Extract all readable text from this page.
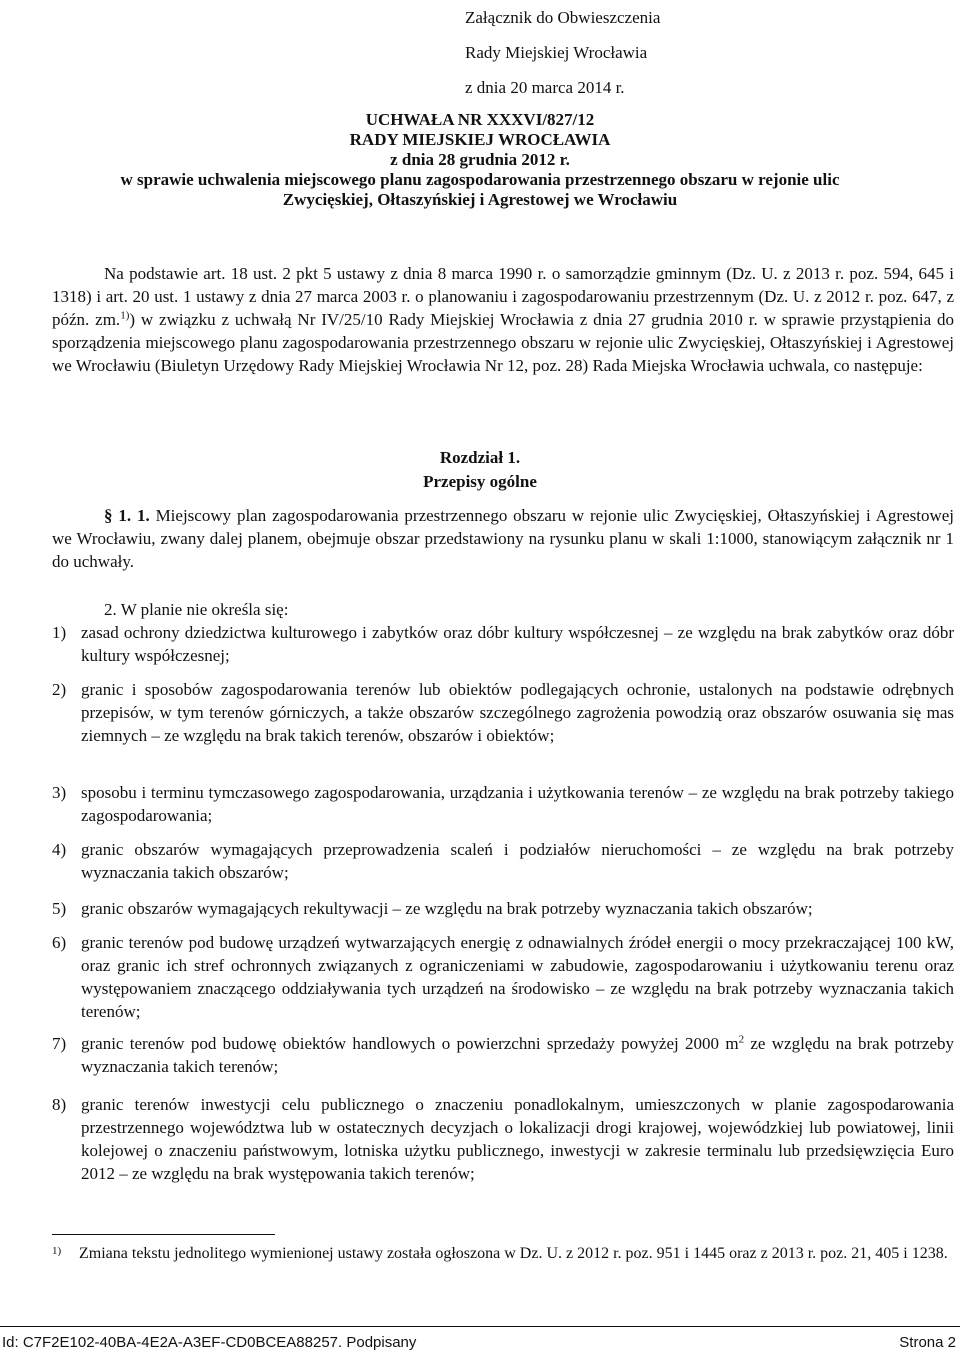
Załącznik do Obwieszczenia
Rady Miejskiej Wrocławia
z dnia 20 marca 2014 r.
UCHWAŁA NR XXXVI/827/12
RADY MIEJSKIEJ WROCŁAWIA
z dnia 28 grudnia 2012 r.
w sprawie uchwalenia miejscowego planu zagospodarowania przestrzennego obszaru w rejonie ulic
Zwycięskiej, Ołtaszyńskiej i Agrestowej we Wrocławiu

Na podstawie art. 18 ust. 2 pkt 5 ustawy z dnia 8 marca 1990 r. o samorządzie gminnym (Dz. U. z 2013 r. poz. 594, 645 i 1318) i art. 20 ust. 1 ustawy z dnia 27 marca 2003 r. o planowaniu i zagospodarowaniu przestrzennym (Dz. U. z 2012 r. poz. 647, z późn. zm.$^{1)}$) w związku z uchwałą Nr IV/25/10 Rady Miejskiej Wrocławia z dnia 27 grudnia 2010 r. w sprawie przystąpienia do sporządzenia miejscowego planu zagospodarowania przestrzennego obszaru w rejonie ulic Zwycięskiej, Ołtaszyńskiej i Agrestowej we Wrocławiu (Biuletyn Urzędowy Rady Miejskiej Wrocławia Nr 12, poz. 28) Rada Miejska Wrocławia uchwala, co następuje:

Rozdział 1.
Przepisy ogólne

§ 1. 1. Miejscowy plan zagospodarowania przestrzennego obszaru w rejonie ulic Zwycięskiej, Ołtaszyńskiej i Agrestowej we Wrocławiu, zwany dalej planem, obejmuje obszar przedstawiony na rysunku planu w skali 1:1000, stanowiącym załącznik nr 1 do uchwały.

2. W planie nie określa się:

1) zasad ochrony dziedzictwa kulturowego i zabytków oraz dóbr kultury współczesnej – ze względu na brak zabytków oraz dóbr kultury współczesnej;
2) granic i sposobów zagospodarowania terenów lub obiektów podlegających ochronie, ustalonych na podstawie odrębnych przepisów, w tym terenów górniczych, a także obszarów szczególnego zagrożenia powodzią oraz obszarów osuwania się mas ziemnych – ze względu na brak takich terenów, obszarów i obiektów;
3) sposobu i terminu tymczasowego zagospodarowania, urządzania i użytkowania terenów – ze względu na brak potrzeby takiego zagospodarowania;
4) granic obszarów wymagających przeprowadzenia scaleń i podziałów nieruchomości – ze względu na brak potrzeby wyznaczania takich obszarów;
5) granic obszarów wymagających rekultywacji – ze względu na brak potrzeby wyznaczania takich obszarów;
6) granic terenów pod budowę urządzeń wytwarzających energię z odnawialnych źródeł energii o mocy przekraczającej 100 kW, oraz granic ich stref ochronnych związanych z ograniczeniami w zabudowie, zagospodarowaniu i użytkowaniu terenu oraz występowaniem znaczącego oddziaływania tych urządzeń na środowisko – ze względu na brak potrzeby wyznaczania takich terenów;
7) granic terenów pod budowę obiektów handlowych o powierzchni sprzedaży powyżej 2000 $m^2$ ze względu na brak potrzeby wyznaczania takich terenów;
8) granic terenów inwestycji celu publicznego o znaczeniu ponadlokalnym, umieszczonych w planie zagospodarowania przestrzennego województwa lub w ostatecznych decyzjach o lokalizacji drogi krajowej, wojewódzkiej lub powiatowej, linii kolejowej o znaczeniu państwowym, lotniska użytku publicznego, inwestycji w zakresie terminalu lub przedsięwzięcia Euro 2012 – ze względu na brak występowania takich terenów;
1) Zmiana tekstu jednolitego wymienionej ustawy została ogłoszona w Dz. U. z 2012 r. poz. 951 i 1445 oraz z 2013 r. poz. 21, 405 i 1238.
Id: C7F2E102-40BA-4E2A-A3EF-CD0BCEA88257. Podpisany	Strona 2
